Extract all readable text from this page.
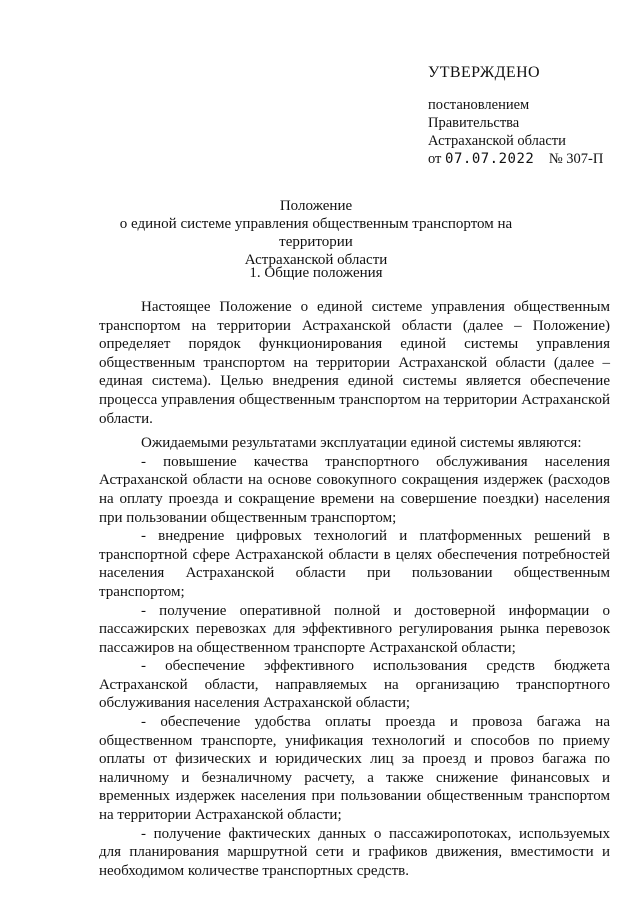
УТВЕРЖДЕНО
постановлением
Правительства
Астраханской области
от 07.07.2022 № 307-П
Положение
о единой системе управления общественным транспортом на территории
Астраханской области
1. Общие положения

Настоящее Положение о единой системе управления общественным транспортом на территории Астраханской области (далее – Положение) определяет порядок функционирования единой системы управления общественным транспортом на территории Астраханской области (далее – единая система). Целью внедрения единой системы является обеспечение процесса управления общественным транспортом на территории Астраханской области.

Ожидаемыми результатами эксплуатации единой системы являются:

- повышение качества транспортного обслуживания населения Астраханской области на основе совокупного сокращения издержек (расходов на оплату проезда и сокращение времени на совершение поездки) населения при пользовании общественным транспортом;

- внедрение цифровых технологий и платформенных решений в транспортной сфере Астраханской области в целях обеспечения потребностей населения Астраханской области при пользовании общественным транспортом;

- получение оперативной полной и достоверной информации о пассажирских перевозках для эффективного регулирования рынка перевозок пассажиров на общественном транспорте Астраханской области;

- обеспечение эффективного использования средств бюджета Астраханской области, направляемых на организацию транспортного обслуживания населения Астраханской области;

- обеспечение удобства оплаты проезда и провоза багажа на общественном транспорте, унификация технологий и способов по приему оплаты от физических и юридических лиц за проезд и провоз багажа по наличному и безналичному расчету, а также снижение финансовых и временных издержек населения при пользовании общественным транспортом на территории Астраханской области;

- получение фактических данных о пассажиропотоках, используемых для планирования маршрутной сети и графиков движения, вместимости и необходимом количестве транспортных средств.
